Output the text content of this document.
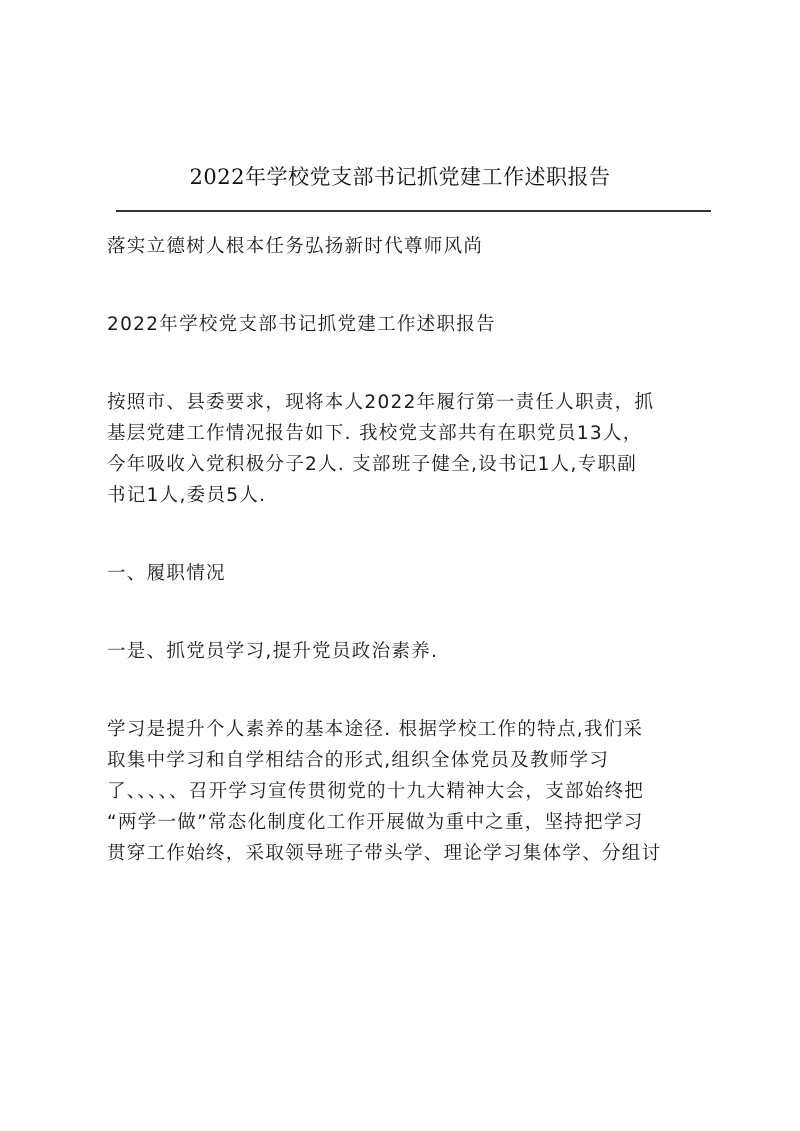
2022年学校党支部书记抓党建工作述职报告

落实立德树人根本任务弘扬新时代尊师风尚

2022年学校党支部书记抓党建工作述职报告

按照市、县委要求，现将本人2022年履行第一责任人职责，抓
基层党建工作情况报告如下. 我校党支部共有在职党员13人，
今年吸收入党积极分子2人. 支部班子健全,设书记1人,专职副
书记1人,委员5人.

一、履职情况

一是、抓党员学习,提升党员政治素养.

学习是提升个人素养的基本途径. 根据学校工作的特点,我们采
取集中学习和自学相结合的形式,组织全体党员及教师学习
了、、、、、召开学习宣传贯彻党的十九大精神大会，支部始终把
“两学一做”常态化制度化工作开展做为重中之重，坚持把学习
贯穿工作始终，采取领导班子带头学、理论学习集体学、分组讨
